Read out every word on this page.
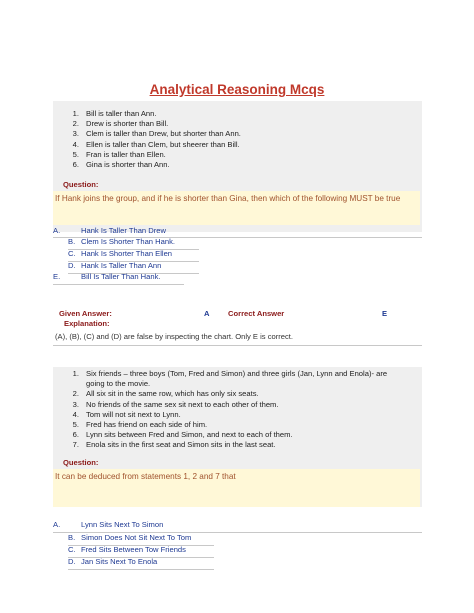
Analytical Reasoning Mcqs
1. Bill is taller than Ann.
2. Drew is shorter than Bill.
3. Clem is taller than Drew, but shorter than Ann.
4. Ellen is taller than Clem, but sheerer than Bill.
5. Fran is taller than Ellen.
6. Gina is shorter than Ann.
Question:
If Hank joins the group, and if he is shorter than Gina, then which of the following MUST be true
A.	Hank Is Taller Than Drew
B. Clem Is Shorter Than Hank.
C. Hank Is Shorter Than Ellen
D. Hank Is Taller Than Ann
E.	Bill Is Taller Than Hank.
Given Answer:	A Correct Answer	E
Explanation:
(A), (B), (C) and (D) are false by inspecting the chart. Only E is correct.
1. Six friends – three boys (Tom, Fred and Simon) and three girls (Jan, Lynn and Enola)- are
going to the movie.
2. All six sit in the same row, which has only six seats.
3. No friends of the same sex sit next to each other of them.
4. Tom will not sit next to Lynn.
5. Fred has friend on each side of him.
6. Lynn sits between Fred and Simon, and next to each of them.
7. Enola sits in the first seat and Simon sits in the last seat.
Question:
It can be deduced from statements 1, 2 and 7 that
A.	Lynn Sits Next To Simon
B. Simon Does Not Sit Next To Tom
C. Fred Sits Between Tow Friends
D. Jan Sits Next To Enola
